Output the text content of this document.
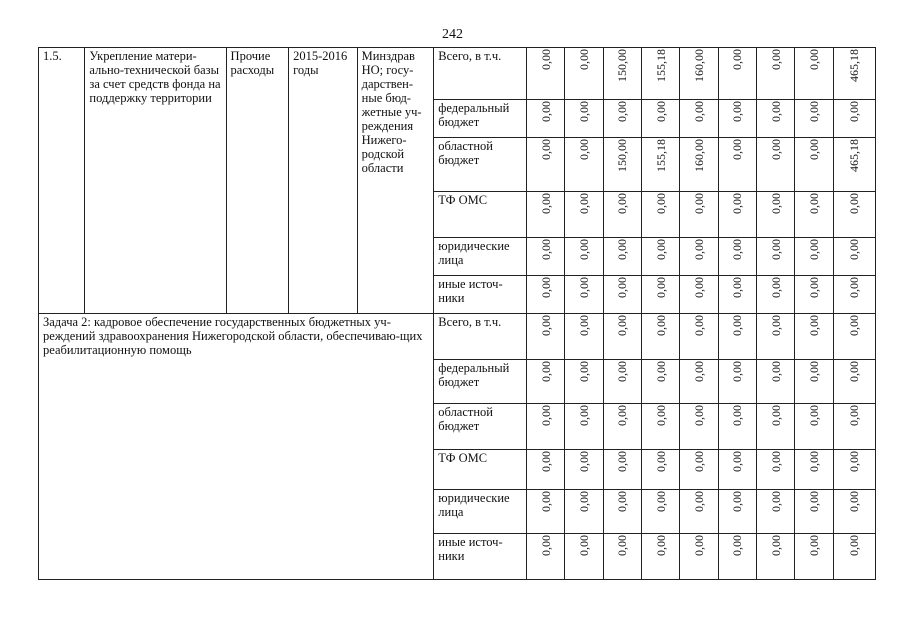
242
1.5.	Укрепление матери-ально-технической базы за счет средств фонда на поддержку территории	Прочие расходы	2015-2016 годы	Минздрав НО; госу-дарствен-ные бюд-жетные уч-реждения Нижего-родской области	Всего, в т.ч.	0,00	0,00	150,00	155,18	160,00	0,00	0,00	0,00	465,18
					федеральный бюджет	0,00	0,00	0,00	0,00	0,00	0,00	0,00	0,00	0,00
					областной бюджет	0,00	0,00	150,00	155,18	160,00	0,00	0,00	0,00	465,18
					ТФ ОМС	0,00	0,00	0,00	0,00	0,00	0,00	0,00	0,00	0,00
					юридические лица	0,00	0,00	0,00	0,00	0,00	0,00	0,00	0,00	0,00
					иные источ-ники	0,00	0,00	0,00	0,00	0,00	0,00	0,00	0,00	0,00
Задача 2: кадровое обеспечение государственных бюджетных уч-реждений здравоохранения Нижегородской области, обеспечиваю-щих реабилитационную помощь					Всего, в т.ч.	0,00	0,00	0,00	0,00	0,00	0,00	0,00	0,00	0,00
					федеральный бюджет	0,00	0,00	0,00	0,00	0,00	0,00	0,00	0,00	0,00
					областной бюджет	0,00	0,00	0,00	0,00	0,00	0,00	0,00	0,00	0,00
					ТФ ОМС	0,00	0,00	0,00	0,00	0,00	0,00	0,00	0,00	0,00
					юридические лица	0,00	0,00	0,00	0,00	0,00	0,00	0,00	0,00	0,00
					иные источ-ники	0,00	0,00	0,00	0,00	0,00	0,00	0,00	0,00	0,00
